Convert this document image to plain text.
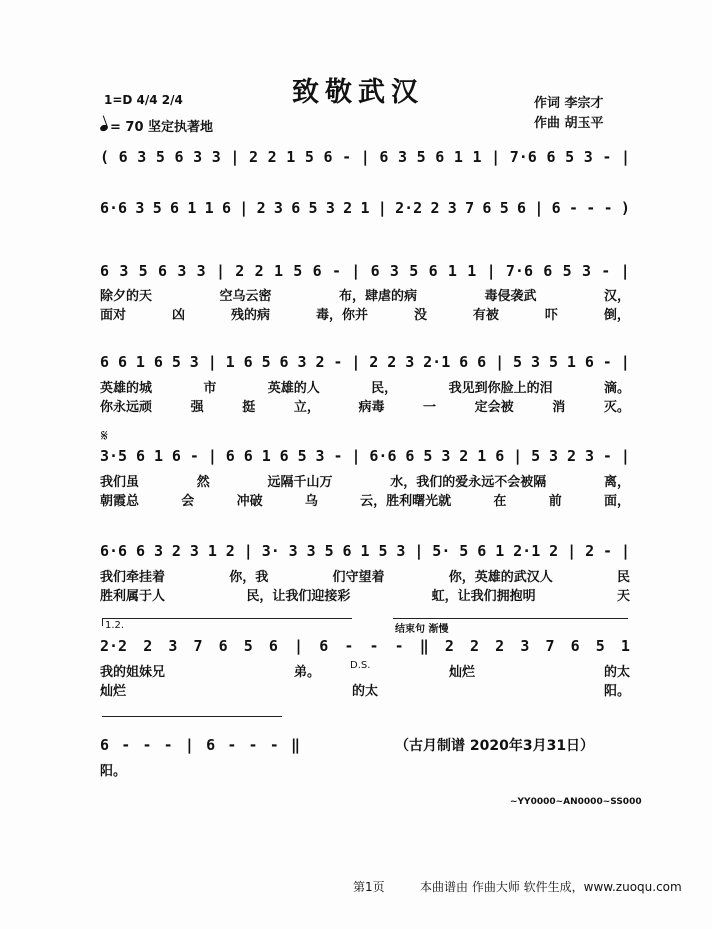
致敬武汉
1=D 4/4 2/4
= 70 坚定执著地
作词 李宗才
作曲 胡玉平
( 6 3 5 6 3 3 | 2 2 1 5 6 - | 6 3 5 6 1 1 | 7·6 6 5 3 - |
6·6 3 5 6 1 1 6 | 2 3 6 5 3 2 1 | 2·2 2 3 7 6 5 6 | 6 - - - )
6 3 5 6 3 3 | 2 2 1 5 6 - | 6 3 5 6 1 1 | 7·6 6 5 3 - |
除夕的天	空乌云密	布，肆虐的病	毒侵袭武	汉，
面对	凶	残的病	毒，你并	没	有被	吓	倒，
6 6 1 6 5 3 | 1 6 5 6 3 2 - | 2 2 3 2·1 6 6 | 5 3 5 1 6 - |
英雄的城	市	英雄的人	民，	我见到你脸上的泪	滴。
你永远顽	强	挺	立，	病毒	一	定会被	消	灭。
𝄋
3·5 6 1 6 - | 6 6 1 6 5 3 - | 6·6 6 5 3 2 1 6 | 5 3 2 3 - |
我们虽	然	远隔千山万	水，我们的爱永远不会被隔	离，
朝霞总	会	冲破	乌	云，胜利曙光就	在	前	面，
6·6 6 3 2 3 1 2 | 3· 3 3 5 6 1 5 3 | 5· 5 6 1 2·1 2 | 2 - |
我们牵挂着	你，我	们守望着	你，英雄的武汉人	民
胜利属于人	民，让我们迎接彩	虹，让我们拥抱明	天
1.2.	结束句 渐慢
2·2 2 3 7 6 5 6 | 6 - - - ‖ 2 2 2 3 7 6 5 1
D.S.
我的姐妹兄	弟。	灿烂	的太
灿烂	的太	阳。
6 - - - | 6 - - - ‖
阳。
（古月制谱 2020年3月31日）
~YY0000~AN0000~SS000
第1页	本曲谱由 作曲大师 软件生成，www.zuoqu.com
